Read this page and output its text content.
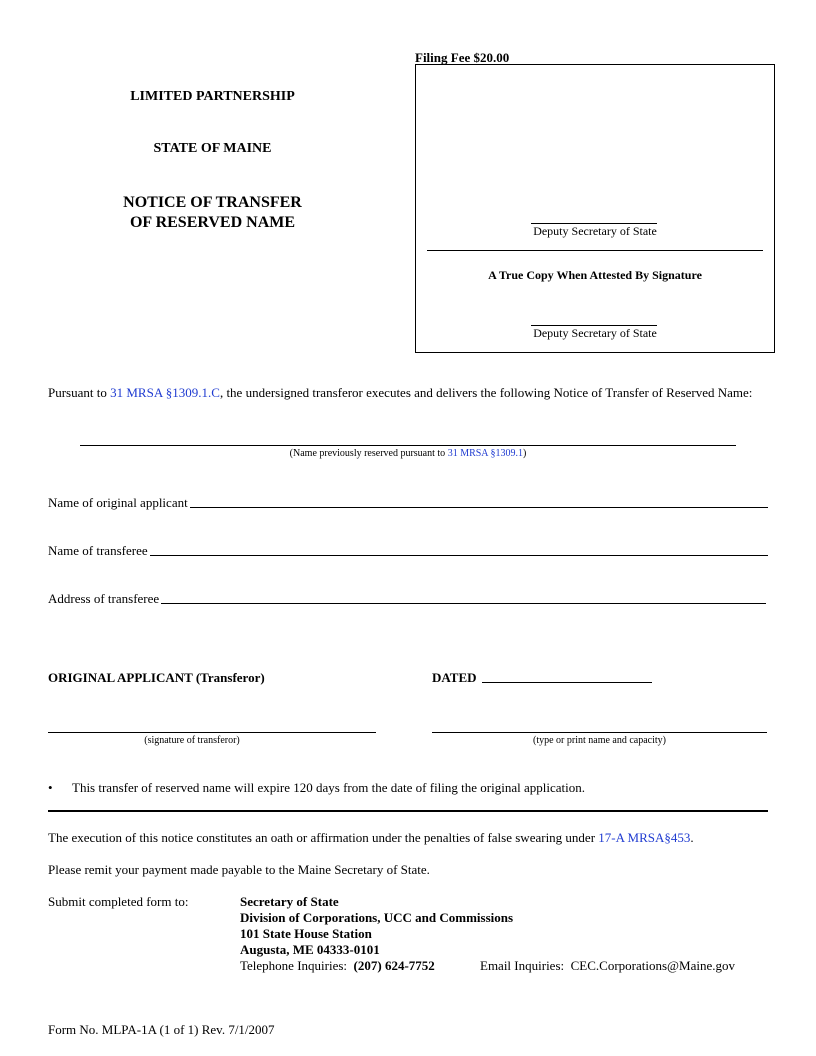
Filing Fee $20.00
LIMITED PARTNERSHIP
STATE OF MAINE
NOTICE OF TRANSFER
OF RESERVED NAME	Deputy Secretary of State
A True Copy When Attested By Signature
Deputy Secretary of State
Pursuant to 31 MRSA §1309.1.C, the undersigned transferor executes and delivers the following Notice of Transfer of Reserved Name:
(Name previously reserved pursuant to 31 MRSA §1309.1)
Name of original applicant
Name of transferee
Address of transferee
ORIGINAL APPLICANT (Transferor)	DATED
(signature of transferor)	(type or print name and capacity)
• This transfer of reserved name will expire 120 days from the date of filing the original application.
The execution of this notice constitutes an oath or affirmation under the penalties of false swearing under 17-A MRSA§453.
Please remit your payment made payable to the Maine Secretary of State.
Submit completed form to:	Secretary of State
Division of Corporations, UCC and Commissions
101 State House Station
Augusta, ME 04333-0101
Telephone Inquiries: (207) 624-7752	Email Inquiries: CEC.Corporations@Maine.gov
Form No. MLPA-1A (1 of 1) Rev. 7/1/2007
